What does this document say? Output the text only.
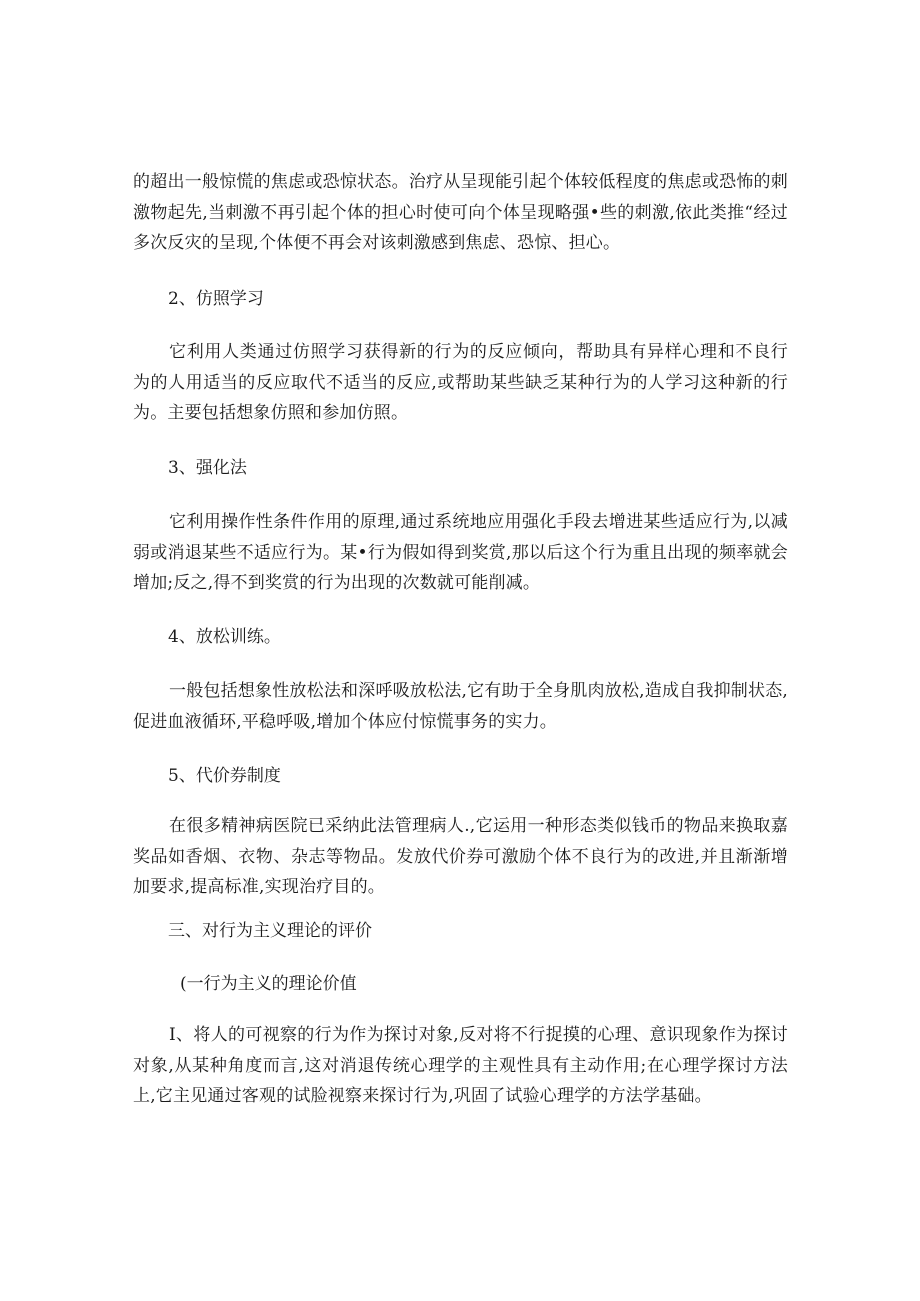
的超出一般惊慌的焦虑或恐惊状态。治疗从呈现能引起个体较低程度的焦虑或恐怖的刺激物起先,当刺激不再引起个体的担心时使可向个体呈现略强•些的刺激,依此类推“经过多次反灾的呈现,个体便不再会对该刺激感到焦虑、恐惊、担心。

2、仿照学习

它利用人类通过仿照学习获得新的行为的反应倾向，帮助具有异样心理和不良行为的人用适当的反应取代不适当的反应,或帮助某些缺乏某种行为的人学习这种新的行为。主要包括想象仿照和参加仿照。

3、强化法

它利用操作性条件作用的原理,通过系统地应用强化手段去增进某些适应行为,以减弱或消退某些不适应行为。某•行为假如得到奖赏,那以后这个行为重且出现的频率就会增加;反之,得不到奖赏的行为出现的次数就可能削减。

4、放松训练。

一般包括想象性放松法和深呼吸放松法,它有助于全身肌肉放松,造成自我抑制状态,促进血液循环,平稳呼吸,增加个体应付惊慌事务的实力。

5、代价券制度

在很多精神病医院已采纳此法管理病人.,它运用一种形态类似钱币的物品来换取嘉奖品如香烟、衣物、杂志等物品。发放代价券可激励个体不良行为的改进,并且渐渐增加要求,提高标准,实现治疗目的。

三、对行为主义理论的评价

(一行为主义的理论价值

I、将人的可视察的行为作为探讨对象,反对将不行捉摸的心理、意识现象作为探讨对象,从某种角度而言,这对消退传统心理学的主观性具有主动作用;在心理学探讨方法上,它主见通过客观的试脸视察来探讨行为,巩固了试验心理学的方法学基础。
